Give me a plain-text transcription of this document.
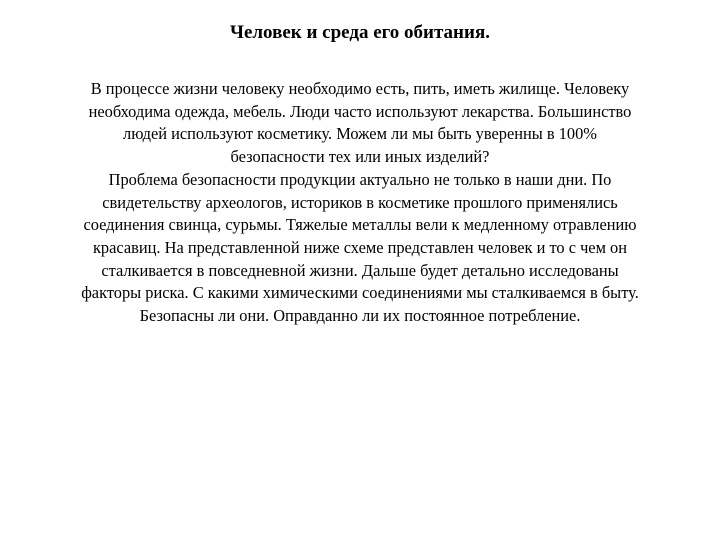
Человек и среда его обитания.
В процессе жизни человеку необходимо есть, пить, иметь жилище. Человеку
необходима одежда, мебель. Люди часто используют лекарства. Большинство
людей используют косметику. Можем ли мы быть уверенны в 100%
безопасности тех или иных изделий?
Проблема безопасности продукции актуально не только в наши дни. По
свидетельству археологов, историков в косметике прошлого применялись
соединения свинца, сурьмы. Тяжелые металлы вели к медленному отравлению
красавиц. На представленной ниже схеме представлен человек и то с чем он
сталкивается в повседневной жизни. Дальше будет детально исследованы
факторы риска. С какими химическими соединениями мы сталкиваемся в быту.
Безопасны ли они. Оправданно ли их постоянное потребление.
